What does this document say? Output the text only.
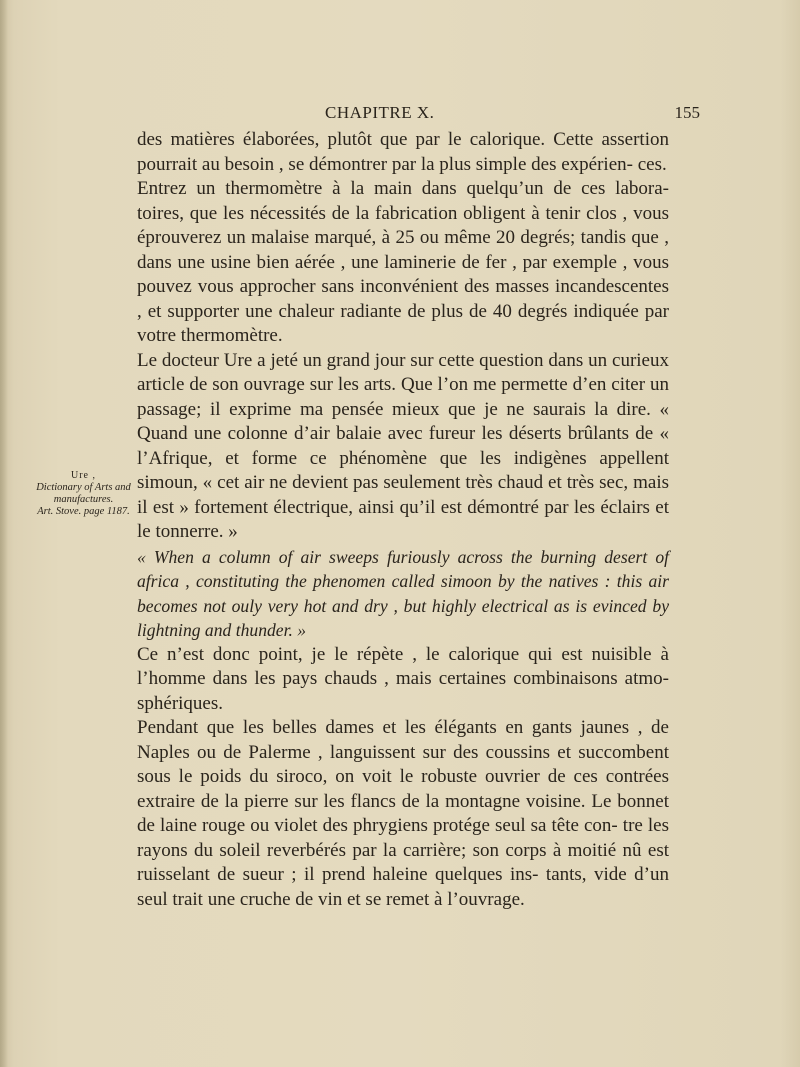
CHAPITRE X.	155
Ure ,
Dictionary of Arts and
manufactures.
Art. Stove. page 1187.

des matières élaborées, plutôt que par le calorique. Cette assertion pourrait au besoin , se démontrer par la plus simple des expérien- ces.

Entrez un thermomètre à la main dans quelqu’un de ces labora- toires, que les nécessités de la fabrication obligent à tenir clos , vous éprouverez un malaise marqué, à 25 ou même 20 degrés; tandis que , dans une usine bien aérée , une laminerie de fer , par exemple , vous pouvez vous approcher sans inconvénient des masses incandescentes , et supporter une chaleur radiante de plus de 40 degrés indiquée par votre thermomètre.

Le docteur Ure a jeté un grand jour sur cette question dans un curieux article de son ouvrage sur les arts. Que l’on me permette d’en citer un passage; il exprime ma pensée mieux que je ne saurais la dire. « Quand une colonne d’air balaie avec fureur les déserts brûlants de « l’Afrique, et forme ce phénomène que les indigènes appellent simoun, « cet air ne devient pas seulement très chaud et très sec, mais il est » fortement électrique, ainsi qu’il est démontré par les éclairs et le tonnerre. »

« When a column of air sweeps furiously across the burning desert of africa , constituting the phenomen called simoon by the natives : this air becomes not ouly very hot and dry , but highly electrical as is evinced by lightning and thunder. »

Ce n’est donc point, je le répète , le calorique qui est nuisible à l’homme dans les pays chauds , mais certaines combinaisons atmo- sphériques.

Pendant que les belles dames et les élégants en gants jaunes , de Naples ou de Palerme , languissent sur des coussins et succombent sous le poids du siroco, on voit le robuste ouvrier de ces contrées extraire de la pierre sur les flancs de la montagne voisine. Le bonnet de laine rouge ou violet des phrygiens protége seul sa tête con- tre les rayons du soleil reverbérés par la carrière; son corps à moitié nû est ruisselant de sueur ; il prend haleine quelques ins- tants, vide d’un seul trait une cruche de vin et se remet à l’ouvrage.
